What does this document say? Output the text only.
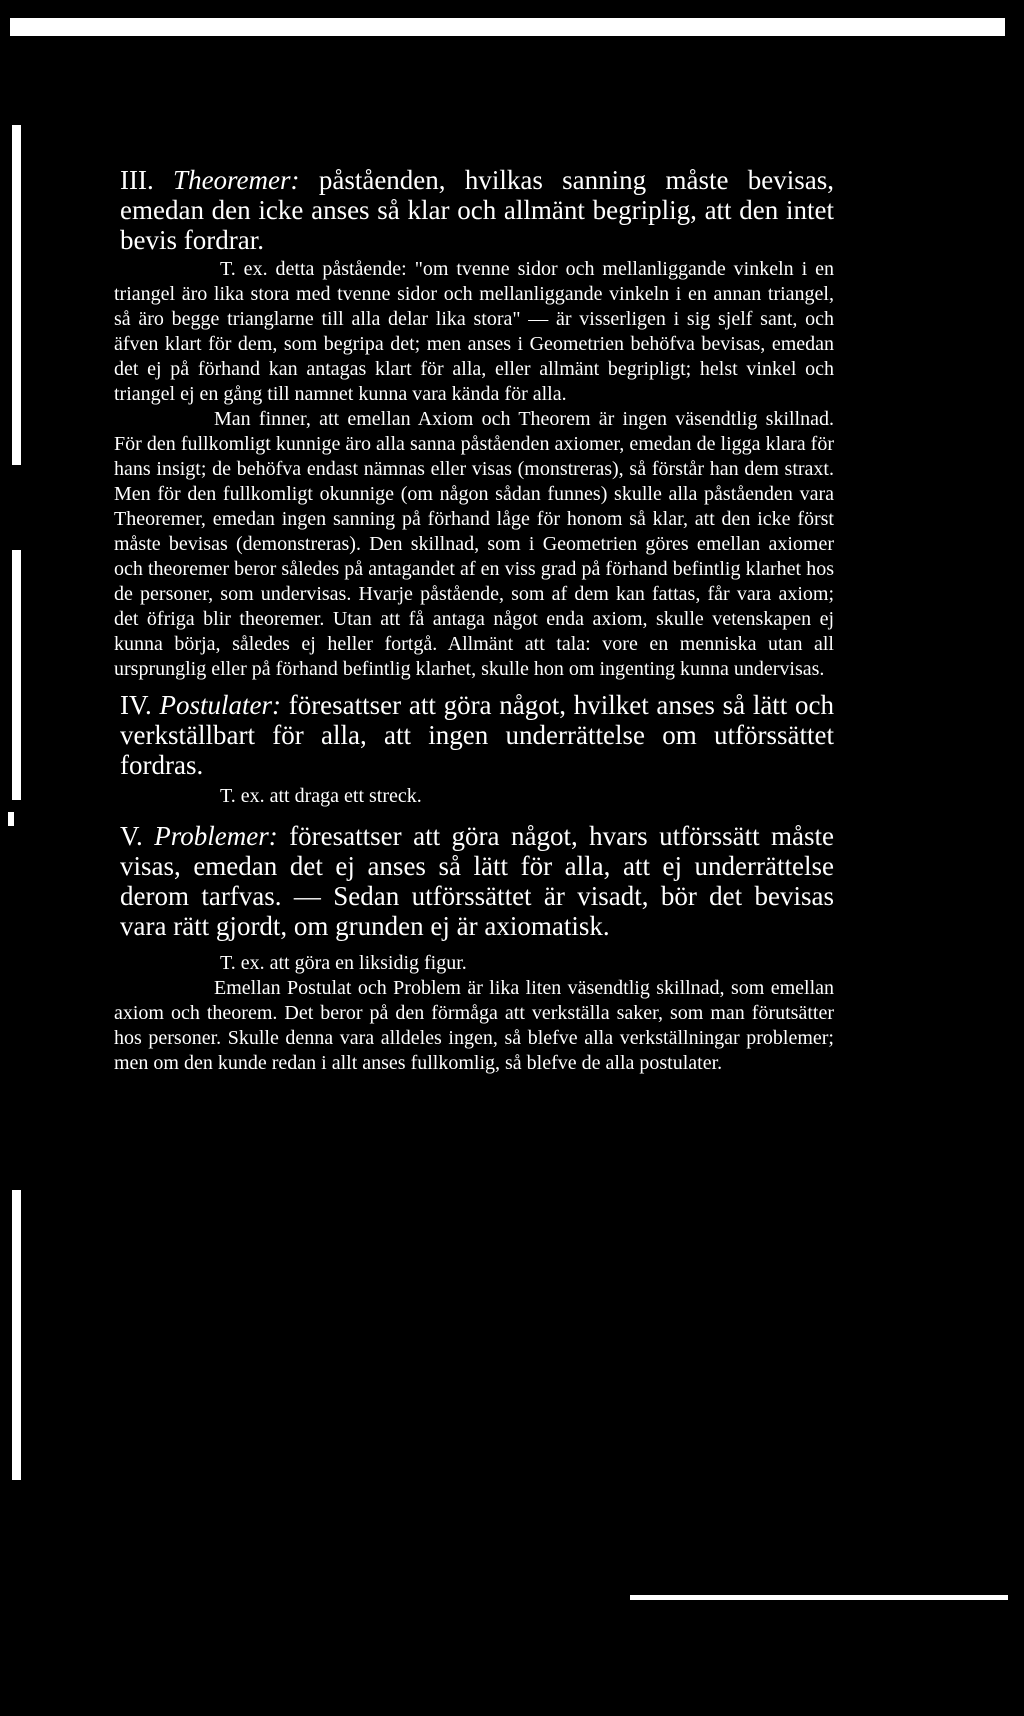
III. Theoremer: påståenden, hvilkas sanning måste bevisas, emedan den icke anses så klar och allmänt begriplig, att den intet bevis fordrar.

T. ex. detta påstående: "om tvenne sidor och mellanliggande vinkeln i en triangel äro lika stora med tvenne sidor och mellanliggande vinkeln i en annan triangel, så äro begge trianglarne till alla delar lika stora" — är visserligen i sig sjelf sant, och äfven klart för dem, som begripa det; men anses i Geometrien behöfva bevisas, emedan det ej på förhand kan antagas klart för alla, eller allmänt begripligt; helst vinkel och triangel ej en gång till namnet kunna vara kända för alla.

Man finner, att emellan Axiom och Theorem är ingen väsendtlig skillnad. För den fullkomligt kunnige äro alla sanna påståenden axiomer, emedan de ligga klara för hans insigt; de behöfva endast nämnas eller visas (monstreras), så förstår han dem straxt. Men för den fullkomligt okunnige (om någon sådan funnes) skulle alla påståenden vara Theoremer, emedan ingen sanning på förhand låge för honom så klar, att den icke först måste bevisas (demonstreras). Den skillnad, som i Geometrien göres emellan axiomer och theoremer beror således på antagandet af en viss grad på förhand befintlig klarhet hos de personer, som undervisas. Hvarje påstående, som af dem kan fattas, får vara axiom; det öfriga blir theoremer. Utan att få antaga något enda axiom, skulle vetenskapen ej kunna börja, således ej heller fortgå. Allmänt att tala: vore en menniska utan all ursprunglig eller på förhand befintlig klarhet, skulle hon om ingenting kunna undervisas.

IV. Postulater: föresattser att göra något, hvilket anses så lätt och verkställbart för alla, att ingen underrättelse om utförssättet fordras.

T. ex. att draga ett streck.

V. Problemer: föresattser att göra något, hvars utförssätt måste visas, emedan det ej anses så lätt för alla, att ej underrättelse derom tarfvas. — Sedan utförssättet är visadt, bör det bevisas vara rätt gjordt, om grunden ej är axiomatisk.

T. ex. att göra en liksidig figur.

Emellan Postulat och Problem är lika liten väsendtlig skillnad, som emellan axiom och theorem. Det beror på den förmåga att verkställa saker, som man förutsätter hos personer. Skulle denna vara alldeles ingen, så blefve alla verkställningar problemer; men om den kunde redan i allt anses fullkomlig, så blefve de alla postulater.
